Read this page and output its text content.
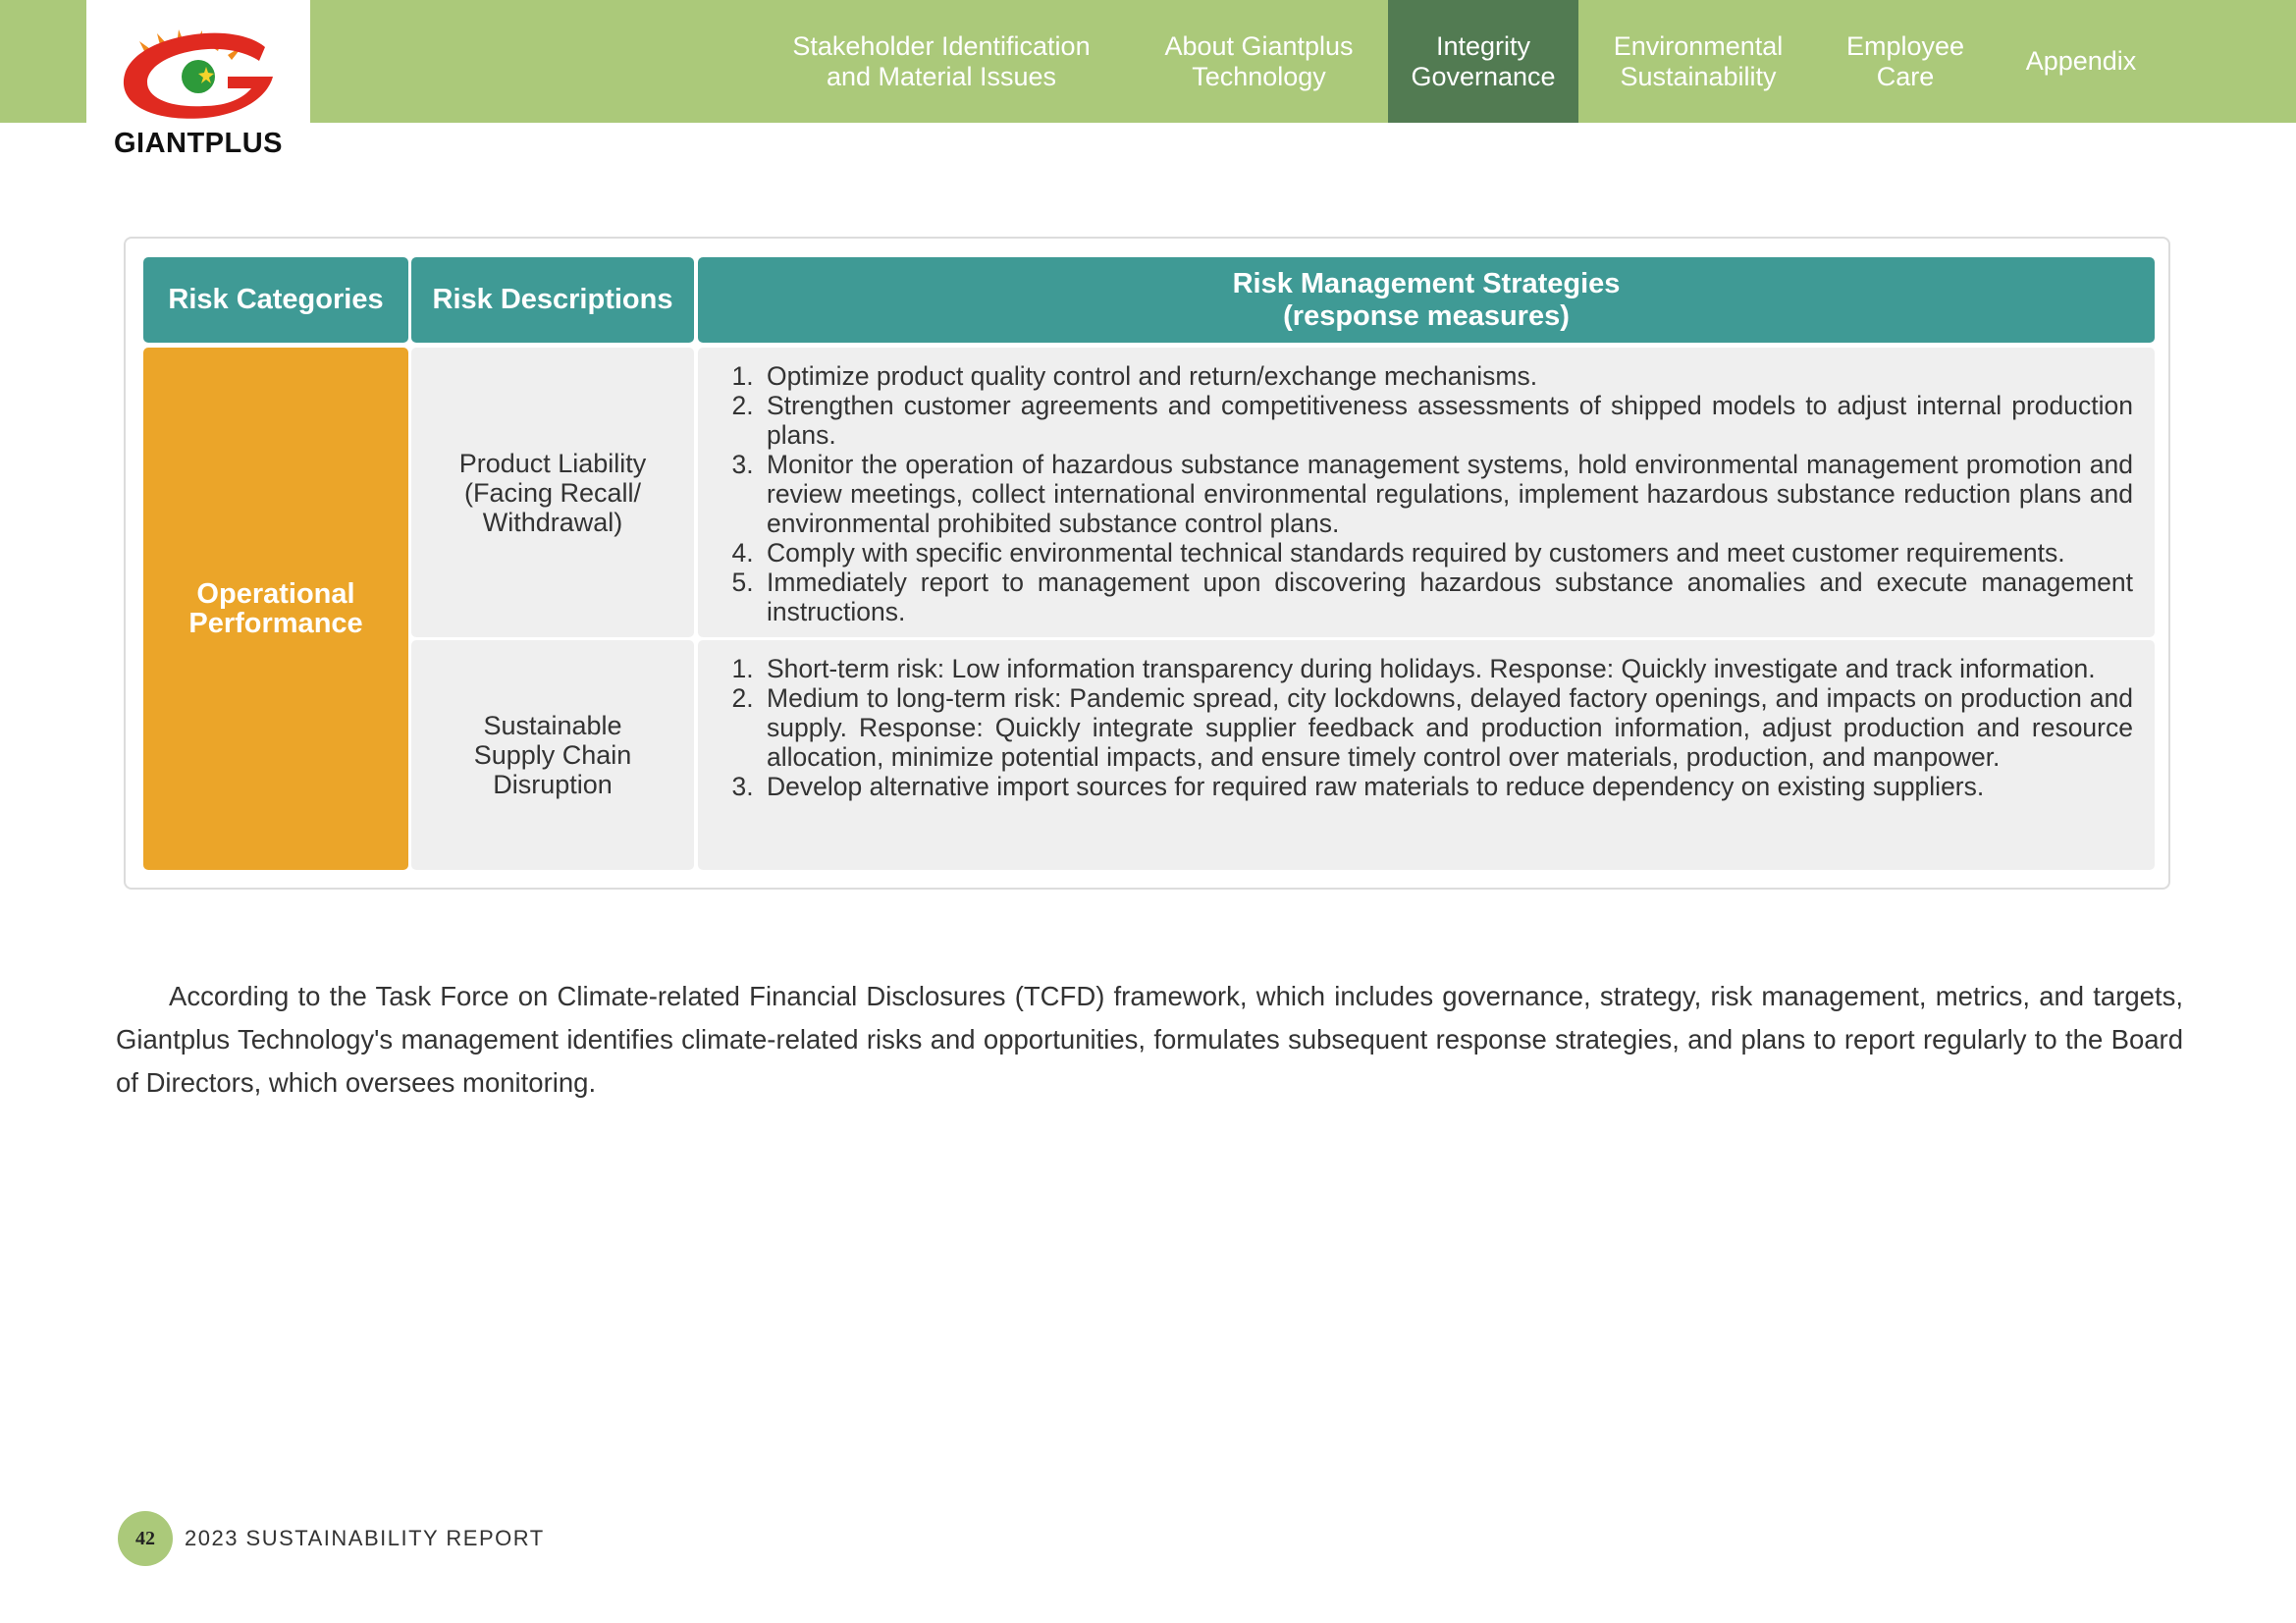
GIANTPLUS
Stakeholder Identification and Material Issues
About Giantplus Technology
Integrity Governance
Environmental Sustainability
Employee Care
Appendix
Risk Categories	Risk Descriptions
Risk Management Strategies (response measures)
Operational Performance
Product Liability (Facing Recall/ Withdrawal)
1. Optimize product quality control and return/exchange mechanisms.
2. Strengthen customer agreements and competitiveness assessments of shipped models to adjust internal production plans.
3. Monitor the operation of hazardous substance management systems, hold environmental management promotion and review meetings, collect international environmental regulations, implement hazardous substance reduction plans and environmental prohibited substance control plans.
4. Comply with specific environmental technical standards required by customers and meet customer requirements.
5. Immediately report to management upon discovering hazardous substance anomalies and execute management instructions.
Sustainable Supply Chain Disruption
1. Short-term risk: Low information transparency during holidays. Response: Quickly investigate and track information.
2. Medium to long-term risk: Pandemic spread, city lockdowns, delayed factory openings, and impacts on production and supply. Response: Quickly integrate supplier feedback and production information, adjust production and resource allocation, minimize potential impacts, and ensure timely control over materials, production, and manpower.
3. Develop alternative import sources for required raw materials to reduce dependency on existing suppliers.

According to the Task Force on Climate-related Financial Disclosures (TCFD) framework, which includes governance, strategy, risk management, metrics, and targets, Giantplus Technology's management identifies climate-related risks and opportunities, formulates subsequent response strategies, and plans to report regularly to the Board of Directors, which oversees monitoring.

42	2023 SUSTAINABILITY REPORT
